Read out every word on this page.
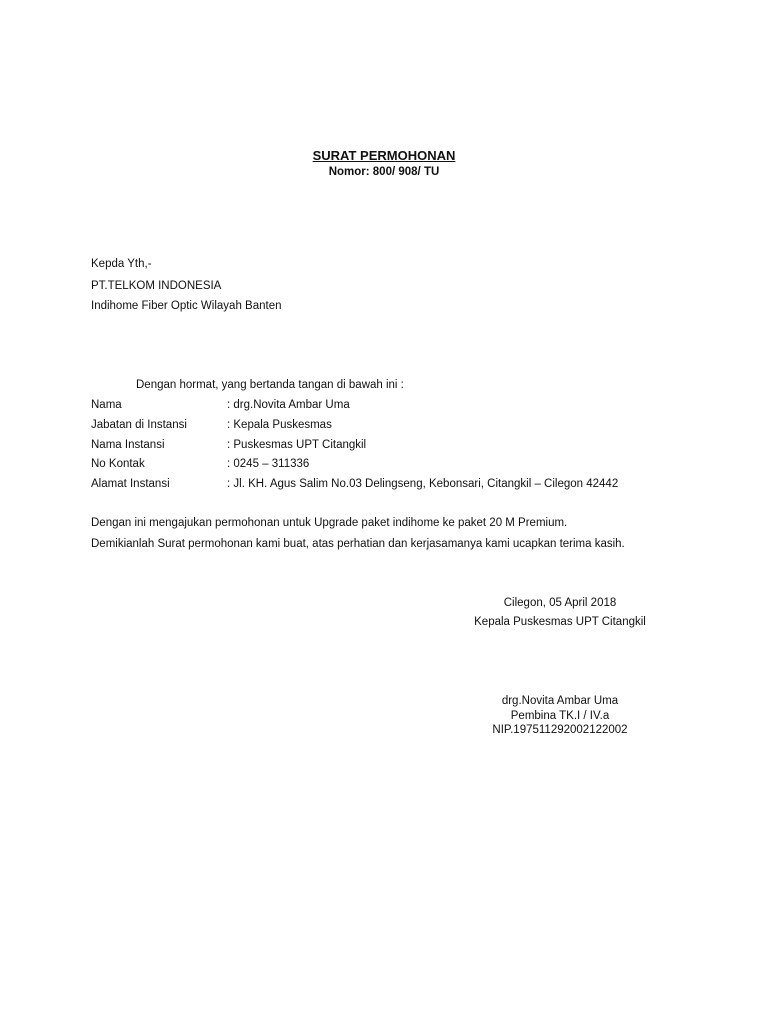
SURAT PERMOHONAN
Nomor: 800/ 908/ TU
Kepda Yth,-
PT.TELKOM INDONESIA
Indihome Fiber Optic Wilayah Banten
Dengan hormat, yang bertanda tangan di bawah ini :
Nama	: drg.Novita Ambar Uma
Jabatan di Instansi	: Kepala Puskesmas
Nama Instansi	: Puskesmas UPT Citangkil
No Kontak	: 0245 – 311336
Alamat Instansi	: Jl. KH. Agus Salim No.03 Delingseng, Kebonsari, Citangkil – Cilegon 42442
Dengan ini mengajukan permohonan untuk Upgrade paket indihome ke paket 20 M Premium.
Demikianlah Surat permohonan kami buat, atas perhatian dan kerjasamanya kami ucapkan terima kasih.
Cilegon, 05 April 2018
Kepala Puskesmas UPT Citangkil
drg.Novita Ambar Uma
Pembina TK.I / IV.a
NIP.197511292002122002
